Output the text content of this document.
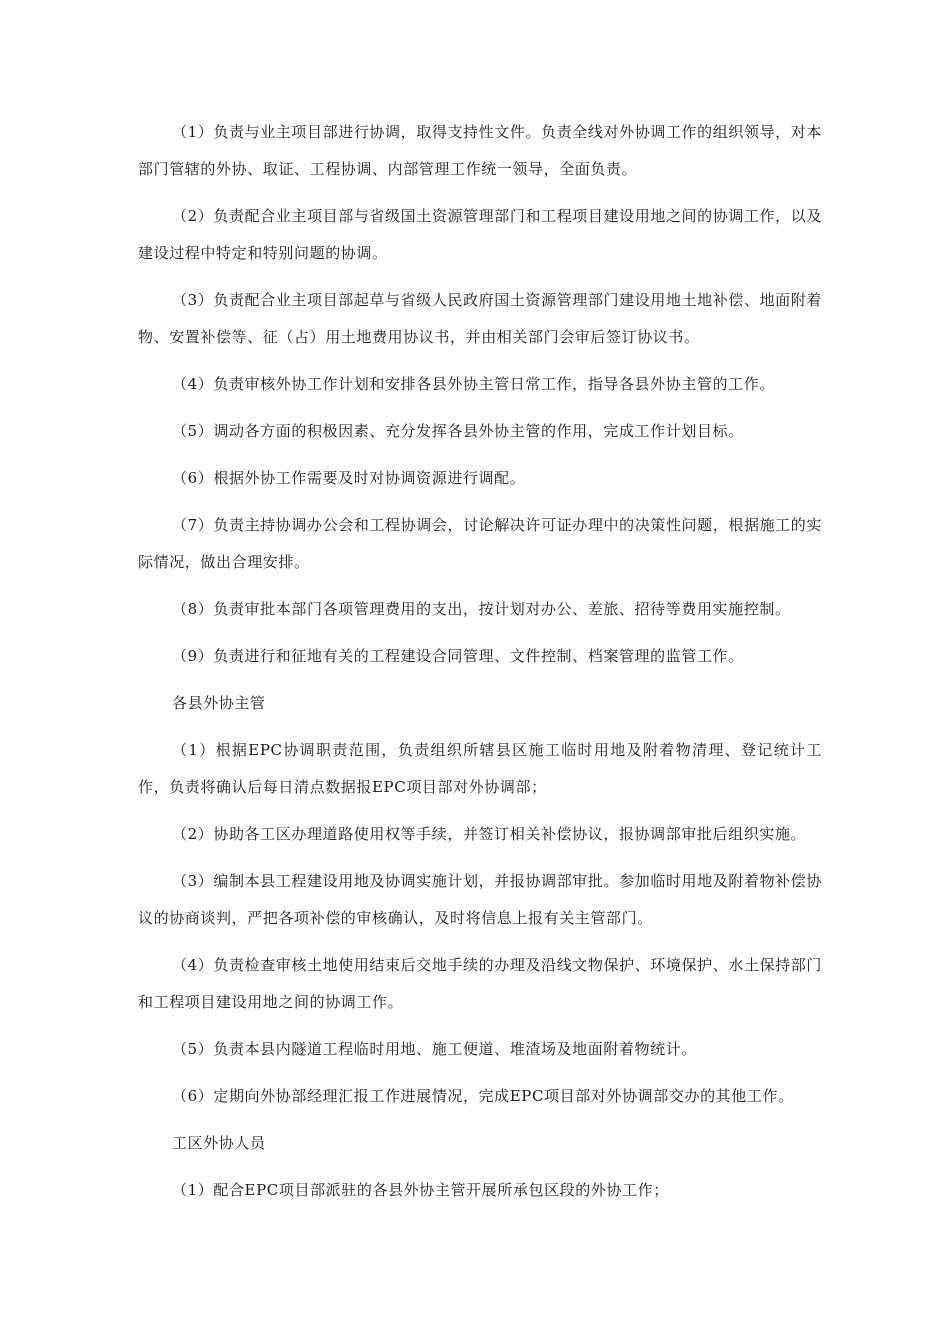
（1）负责与业主项目部进行协调，取得支持性文件。负责全线对外协调工作的组织领导，对本部门管辖的外协、取证、工程协调、内部管理工作统一领导，全面负责。

（2）负责配合业主项目部与省级国土资源管理部门和工程项目建设用地之间的协调工作，以及建设过程中特定和特别问题的协调。

（3）负责配合业主项目部起草与省级人民政府国土资源管理部门建设用地土地补偿、地面附着物、安置补偿等、征（占）用土地费用协议书，并由相关部门会审后签订协议书。

（4）负责审核外协工作计划和安排各县外协主管日常工作，指导各县外协主管的工作。

（5）调动各方面的积极因素、充分发挥各县外协主管的作用，完成工作计划目标。

（6）根据外协工作需要及时对协调资源进行调配。

（7）负责主持协调办公会和工程协调会，讨论解决许可证办理中的决策性问题，根据施工的实际情况，做出合理安排。

（8）负责审批本部门各项管理费用的支出，按计划对办公、差旅、招待等费用实施控制。

（9）负责进行和征地有关的工程建设合同管理、文件控制、档案管理的监管工作。

各县外协主管

（1）根据EPC协调职责范围，负责组织所辖县区施工临时用地及附着物清理、登记统计工作，负责将确认后每日清点数据报EPC项目部对外协调部；

（2）协助各工区办理道路使用权等手续，并签订相关补偿协议，报协调部审批后组织实施。

（3）编制本县工程建设用地及协调实施计划，并报协调部审批。参加临时用地及附着物补偿协议的协商谈判，严把各项补偿的审核确认，及时将信息上报有关主管部门。

（4）负责检查审核土地使用结束后交地手续的办理及沿线文物保护、环境保护、水土保持部门和工程项目建设用地之间的协调工作。

（5）负责本县内隧道工程临时用地、施工便道、堆渣场及地面附着物统计。

（6）定期向外协部经理汇报工作进展情况，完成EPC项目部对外协调部交办的其他工作。

工区外协人员

（1）配合EPC项目部派驻的各县外协主管开展所承包区段的外协工作；
